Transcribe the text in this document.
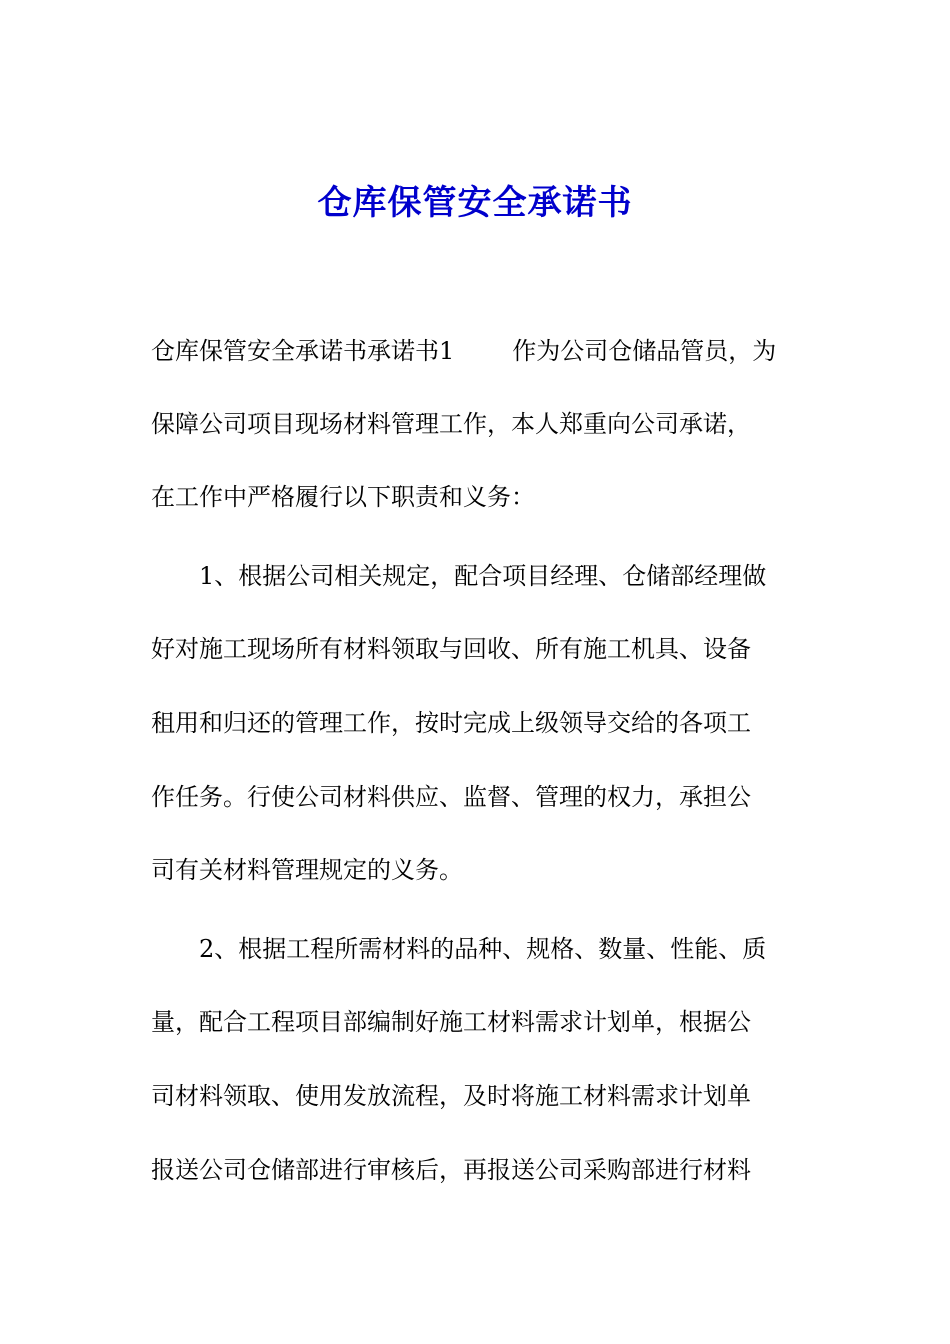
仓库保管安全承诺书
仓库保管安全承诺书承诺书1 作为公司仓储品管员，为
保障公司项目现场材料管理工作，本人郑重向公司承诺，
在工作中严格履行以下职责和义务：
1、根据公司相关规定，配合项目经理、仓储部经理做
好对施工现场所有材料领取与回收、所有施工机具、设备
租用和归还的管理工作，按时完成上级领导交给的各项工
作任务。行使公司材料供应、监督、管理的权力，承担公
司有关材料管理规定的义务。
2、根据工程所需材料的品种、规格、数量、性能、质
量，配合工程项目部编制好施工材料需求计划单，根据公
司材料领取、使用发放流程，及时将施工材料需求计划单
报送公司仓储部进行审核后，再报送公司采购部进行材料
